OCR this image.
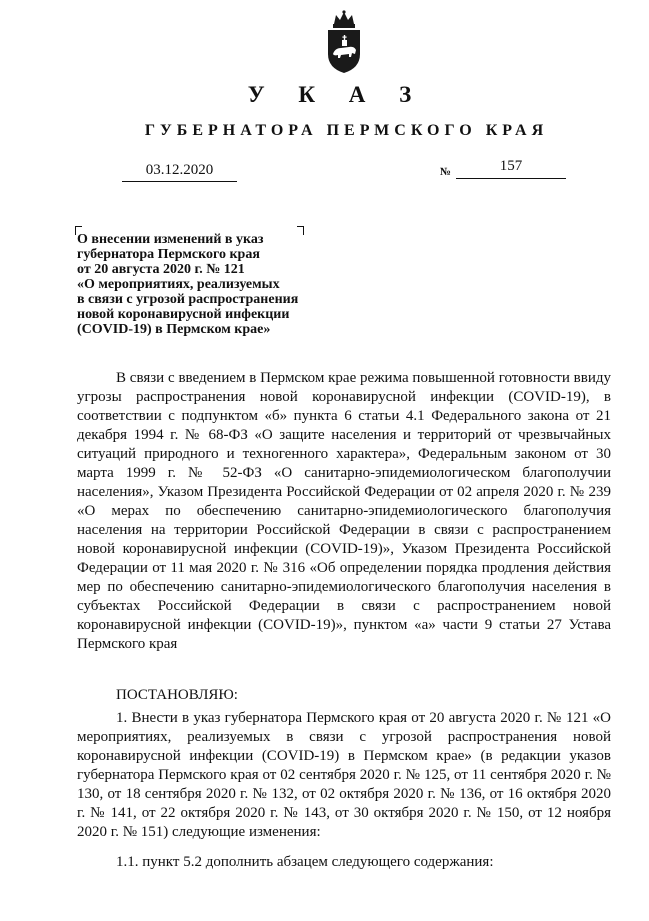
У К А З
ГУБЕРНАТОРА ПЕРМСКОГО КРАЯ
03.12.2020	№	157
О внесении изменений в указ
губернатора Пермского края
от 20 августа 2020 г. № 121
«О мероприятиях, реализуемых
в связи с угрозой распространения
новой коронавирусной инфекции
(COVID-19) в Пермском крае»
В связи с введением в Пермском крае режима повышенной готовности ввиду угрозы распространения новой коронавирусной инфекции (COVID-19), в соответствии с подпунктом «б» пункта 6 статьи 4.1 Федерального закона от 21 декабря 1994 г. № 68-ФЗ «О защите населения и территорий от чрезвычайных ситуаций природного и техногенного характера», Федеральным законом от 30 марта 1999 г. № 52-ФЗ «О санитарно-эпидемиологическом благополучии населения», Указом Президента Российской Федерации от 02 апреля 2020 г. № 239 «О мерах по обеспечению санитарно-эпидемиологического благополучия населения на территории Российской Федерации в связи с распространением новой коронавирусной инфекции (COVID-19)», Указом Президента Российской Федерации от 11 мая 2020 г. № 316 «Об определении порядка продления действия мер по обеспечению санитарно-эпидемиологического благополучия населения в субъектах Российской Федерации в связи с распространением новой коронавирусной инфекции (COVID-19)», пунктом «а» части 9 статьи 27 Устава Пермского края
ПОСТАНОВЛЯЮ:
1. Внести в указ губернатора Пермского края от 20 августа 2020 г. № 121 «О мероприятиях, реализуемых в связи с угрозой распространения новой коронавирусной инфекции (COVID-19) в Пермском крае» (в редакции указов губернатора Пермского края от 02 сентября 2020 г. № 125, от 11 сентября 2020 г. № 130, от 18 сентября 2020 г. № 132, от 02 октября 2020 г. № 136, от 16 октября 2020 г. № 141, от 22 октября 2020 г. № 143, от 30 октября 2020 г. № 150, от 12 ноября 2020 г. № 151) следующие изменения:
1.1. пункт 5.2 дополнить абзацем следующего содержания:
